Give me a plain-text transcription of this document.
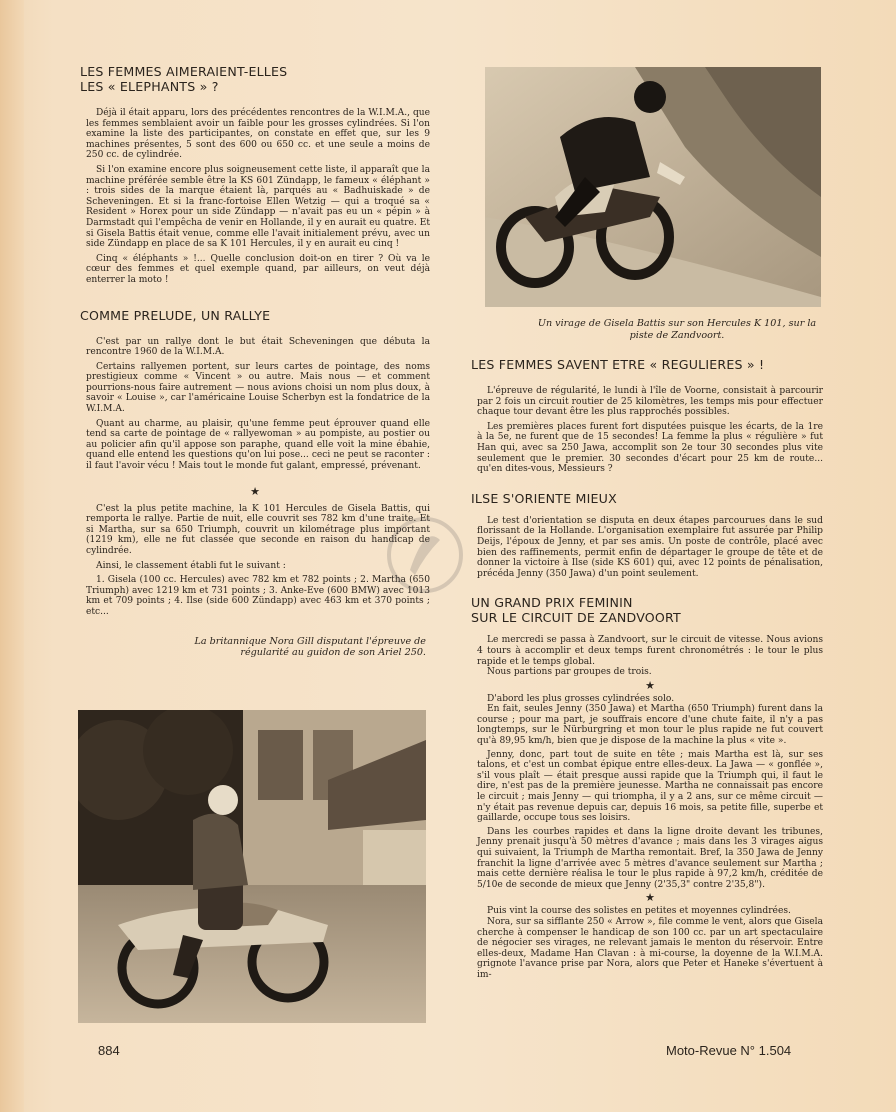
LES FEMMES AIMERAIENT-ELLES
LES « ELEPHANTS » ?

Déjà il était apparu, lors des précédentes rencontres de la W.I.M.A., que les femmes semblaient avoir un faible pour les grosses cylindrées. Si l'on examine la liste des participantes, on constate en effet que, sur les 9 machines présentes, 5 sont des 600 ou 650 cc. et une seule a moins de 250 cc. de cylindrée.

Si l'on examine encore plus soigneusement cette liste, il apparaît que la machine préférée semble être la KS 601 Zündapp, le fameux « éléphant » : trois sides de la marque étaient là, parqués au « Badhuiskade » de Scheveningen. Et si la franc-fortoise Ellen Wetzig — qui a troqué sa « Resident » Horex pour un side Zündapp — n'avait pas eu un « pépin » à Darmstadt qui l'empêcha de venir en Hollande, il y en aurait eu quatre. Et si Gisela Battis était venue, comme elle l'avait initialement prévu, avec un side Zündapp en place de sa K 101 Hercules, il y en aurait eu cinq !

Cinq « éléphants » !... Quelle conclusion doit-on en tirer ? Où va le cœur des femmes et quel exemple quand, par ailleurs, on veut déjà enterrer la moto !

COMME PRELUDE, UN RALLYE

C'est par un rallye dont le but était Scheveningen que débuta la rencontre 1960 de la W.I.M.A.

Certains rallyemen portent, sur leurs cartes de pointage, des noms prestigieux comme « Vincent » ou autre. Mais nous — et comment pourrions-nous faire autrement — nous avions choisi un nom plus doux, à savoir « Louise », car l'américaine Louise Scherbyn est la fondatrice de la W.I.M.A.

Quant au charme, au plaisir, qu'une femme peut éprouver quand elle tend sa carte de pointage de « rallyewoman » au pompiste, au postier ou au policier afin qu'il appose son paraphe, quand elle voit la mine ébahie, quand elle entend les questions qu'on lui pose... ceci ne peut se raconter : il faut l'avoir vécu ! Mais tout le monde fut galant, empressé, prévenant.

★

C'est la plus petite machine, la K 101 Hercules de Gisela Battis, qui remporta le rallye. Partie de nuit, elle couvrit ses 782 km d'une traite. Et si Martha, sur sa 650 Triumph, couvrit un kilométrage plus important (1219 km), elle ne fut classée que seconde en raison du handicap de cylindrée.

Ainsi, le classement établi fut le suivant :

1. Gisela (100 cc. Hercules) avec 782 km et 782 points ; 2. Martha (650 Triumph) avec 1219 km et 731 points ; 3. Anke-Eve (600 BMW) avec 1013 km et 709 points ; 4. Ilse (side 600 Zündapp) avec 463 km et 370 points ; etc...

La britannique Nora Gill disputant l'épreuve de régularité au guidon de son Ariel 250.

Un virage de Gisela Battis sur son Hercules K 101, sur la piste de Zandvoort.

LES FEMMES SAVENT ETRE « REGULIERES » !

L'épreuve de régularité, le lundi à l'île de Voorne, consistait à parcourir par 2 fois un circuit routier de 25 kilomètres, les temps mis pour effectuer chaque tour devant être les plus rapprochés possibles.

Les premières places furent fort disputées puisque les écarts, de la 1re à la 5e, ne furent que de 15 secondes! La femme la plus « régulière » fut Han qui, avec sa 250 Jawa, accomplit son 2e tour 30 secondes plus vite seulement que le premier. 30 secondes d'écart pour 25 km de route... qu'en dites-vous, Messieurs ?

ILSE S'ORIENTE MIEUX

Le test d'orientation se disputa en deux étapes parcourues dans le sud florissant de la Hollande. L'organisation exemplaire fut assurée par Philip Deijs, l'époux de Jenny, et par ses amis. Un poste de contrôle, placé avec bien des raffinements, permit enfin de départager le groupe de tête et de donner la victoire à Ilse (side KS 601) qui, avec 12 points de pénalisation, précéda Jenny (350 Jawa) d'un point seulement.

UN GRAND PRIX FEMININ
SUR LE CIRCUIT DE ZANDVOORT

Le mercredi se passa à Zandvoort, sur le circuit de vitesse. Nous avions 4 tours à accomplir et deux temps furent chronométrés : le tour le plus rapide et le temps global.

Nous partions par groupes de trois.

★

D'abord les plus grosses cylindrées solo.

En fait, seules Jenny (350 Jawa) et Martha (650 Triumph) furent dans la course ; pour ma part, je souffrais encore d'une chute faite, il n'y a pas longtemps, sur le Nürburgring et mon tour le plus rapide ne fut couvert qu'à 89,95 km/h, bien que je dispose de la machine la plus « vite ».

Jenny, donc, part tout de suite en tête ; mais Martha est là, sur ses talons, et c'est un combat épique entre elles-deux. La Jawa — « gonflée », s'il vous plaît — était presque aussi rapide que la Triumph qui, il faut le dire, n'est pas de la première jeunesse. Martha ne connaissait pas encore le circuit ; mais Jenny — qui triompha, il y a 2 ans, sur ce même circuit — n'y était pas revenue depuis car, depuis 16 mois, sa petite fille, superbe et gaillarde, occupe tous ses loisirs.

Dans les courbes rapides et dans la ligne droite devant les tribunes, Jenny prenait jusqu'à 50 mètres d'avance ; mais dans les 3 virages aigus qui suivaient, la Triumph de Martha remontait. Bref, la 350 Jawa de Jenny franchit la ligne d'arrivée avec 5 mètres d'avance seulement sur Martha ; mais cette dernière réalisa le tour le plus rapide à 97,2 km/h, créditée de 5/10e de seconde de mieux que Jenny (2'35,3" contre 2'35,8").

★

Puis vint la course des solistes en petites et moyennes cylindrées.

Nora, sur sa sifflante 250 « Arrow », file comme le vent, alors que Gisela cherche à compenser le handicap de son 100 cc. par un art spectaculaire de négocier ses virages, ne relevant jamais le menton du réservoir. Entre elles-deux, Madame Han Clavan : à mi-course, la doyenne de la W.I.M.A. grignote l'avance prise par Nora, alors que Peter et Haneke s'évertuent à im-

884	Moto-Revue N° 1.504
